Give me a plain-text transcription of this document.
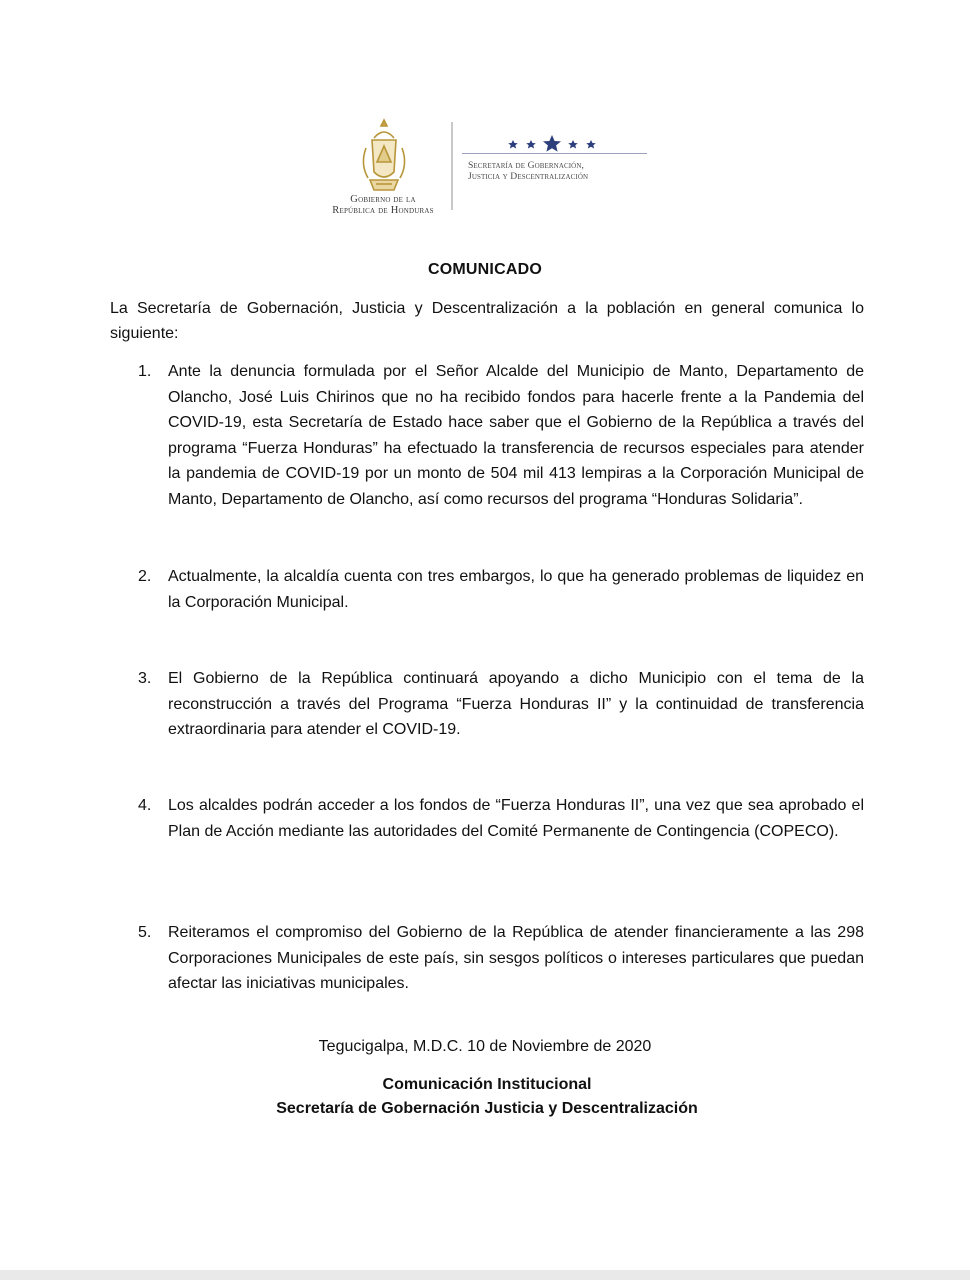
Gobierno de la
República de Honduras
Secretaría de Gobernación,
Justicia y Descentralización
COMUNICADO
La Secretaría de Gobernación, Justicia y Descentralización a la población en general comunica lo siguiente:
1.	Ante la denuncia formulada por el Señor Alcalde del Municipio de Manto, Departamento de Olancho, José Luis Chirinos que no ha recibido fondos para hacerle frente a la Pandemia del COVID-19, esta Secretaría de Estado hace saber que el Gobierno de la República a través del programa “Fuerza Honduras” ha efectuado la transferencia de recursos especiales para atender la pandemia de COVID-19 por un monto de 504 mil 413 lempiras a la Corporación Municipal de Manto, Departamento de Olancho, así como recursos del programa “Honduras Solidaria”.
2.	Actualmente, la alcaldía cuenta con tres embargos, lo que ha generado problemas de liquidez en la Corporación Municipal.
3.	El Gobierno de la República continuará apoyando a dicho Municipio con el tema de la reconstrucción a través del Programa “Fuerza Honduras II” y la continuidad de transferencia extraordinaria para atender el COVID-19.
4.	Los alcaldes podrán acceder a los fondos de “Fuerza Honduras II”, una vez que sea aprobado el Plan de Acción mediante las autoridades del Comité Permanente de Contingencia (COPECO).
5.	Reiteramos el compromiso del Gobierno de la República de atender financieramente a las 298 Corporaciones Municipales de este país, sin sesgos políticos o intereses particulares que puedan afectar las iniciativas municipales.
Tegucigalpa, M.D.C. 10 de Noviembre de 2020
Comunicación Institucional
Secretaría de Gobernación Justicia y Descentralización
